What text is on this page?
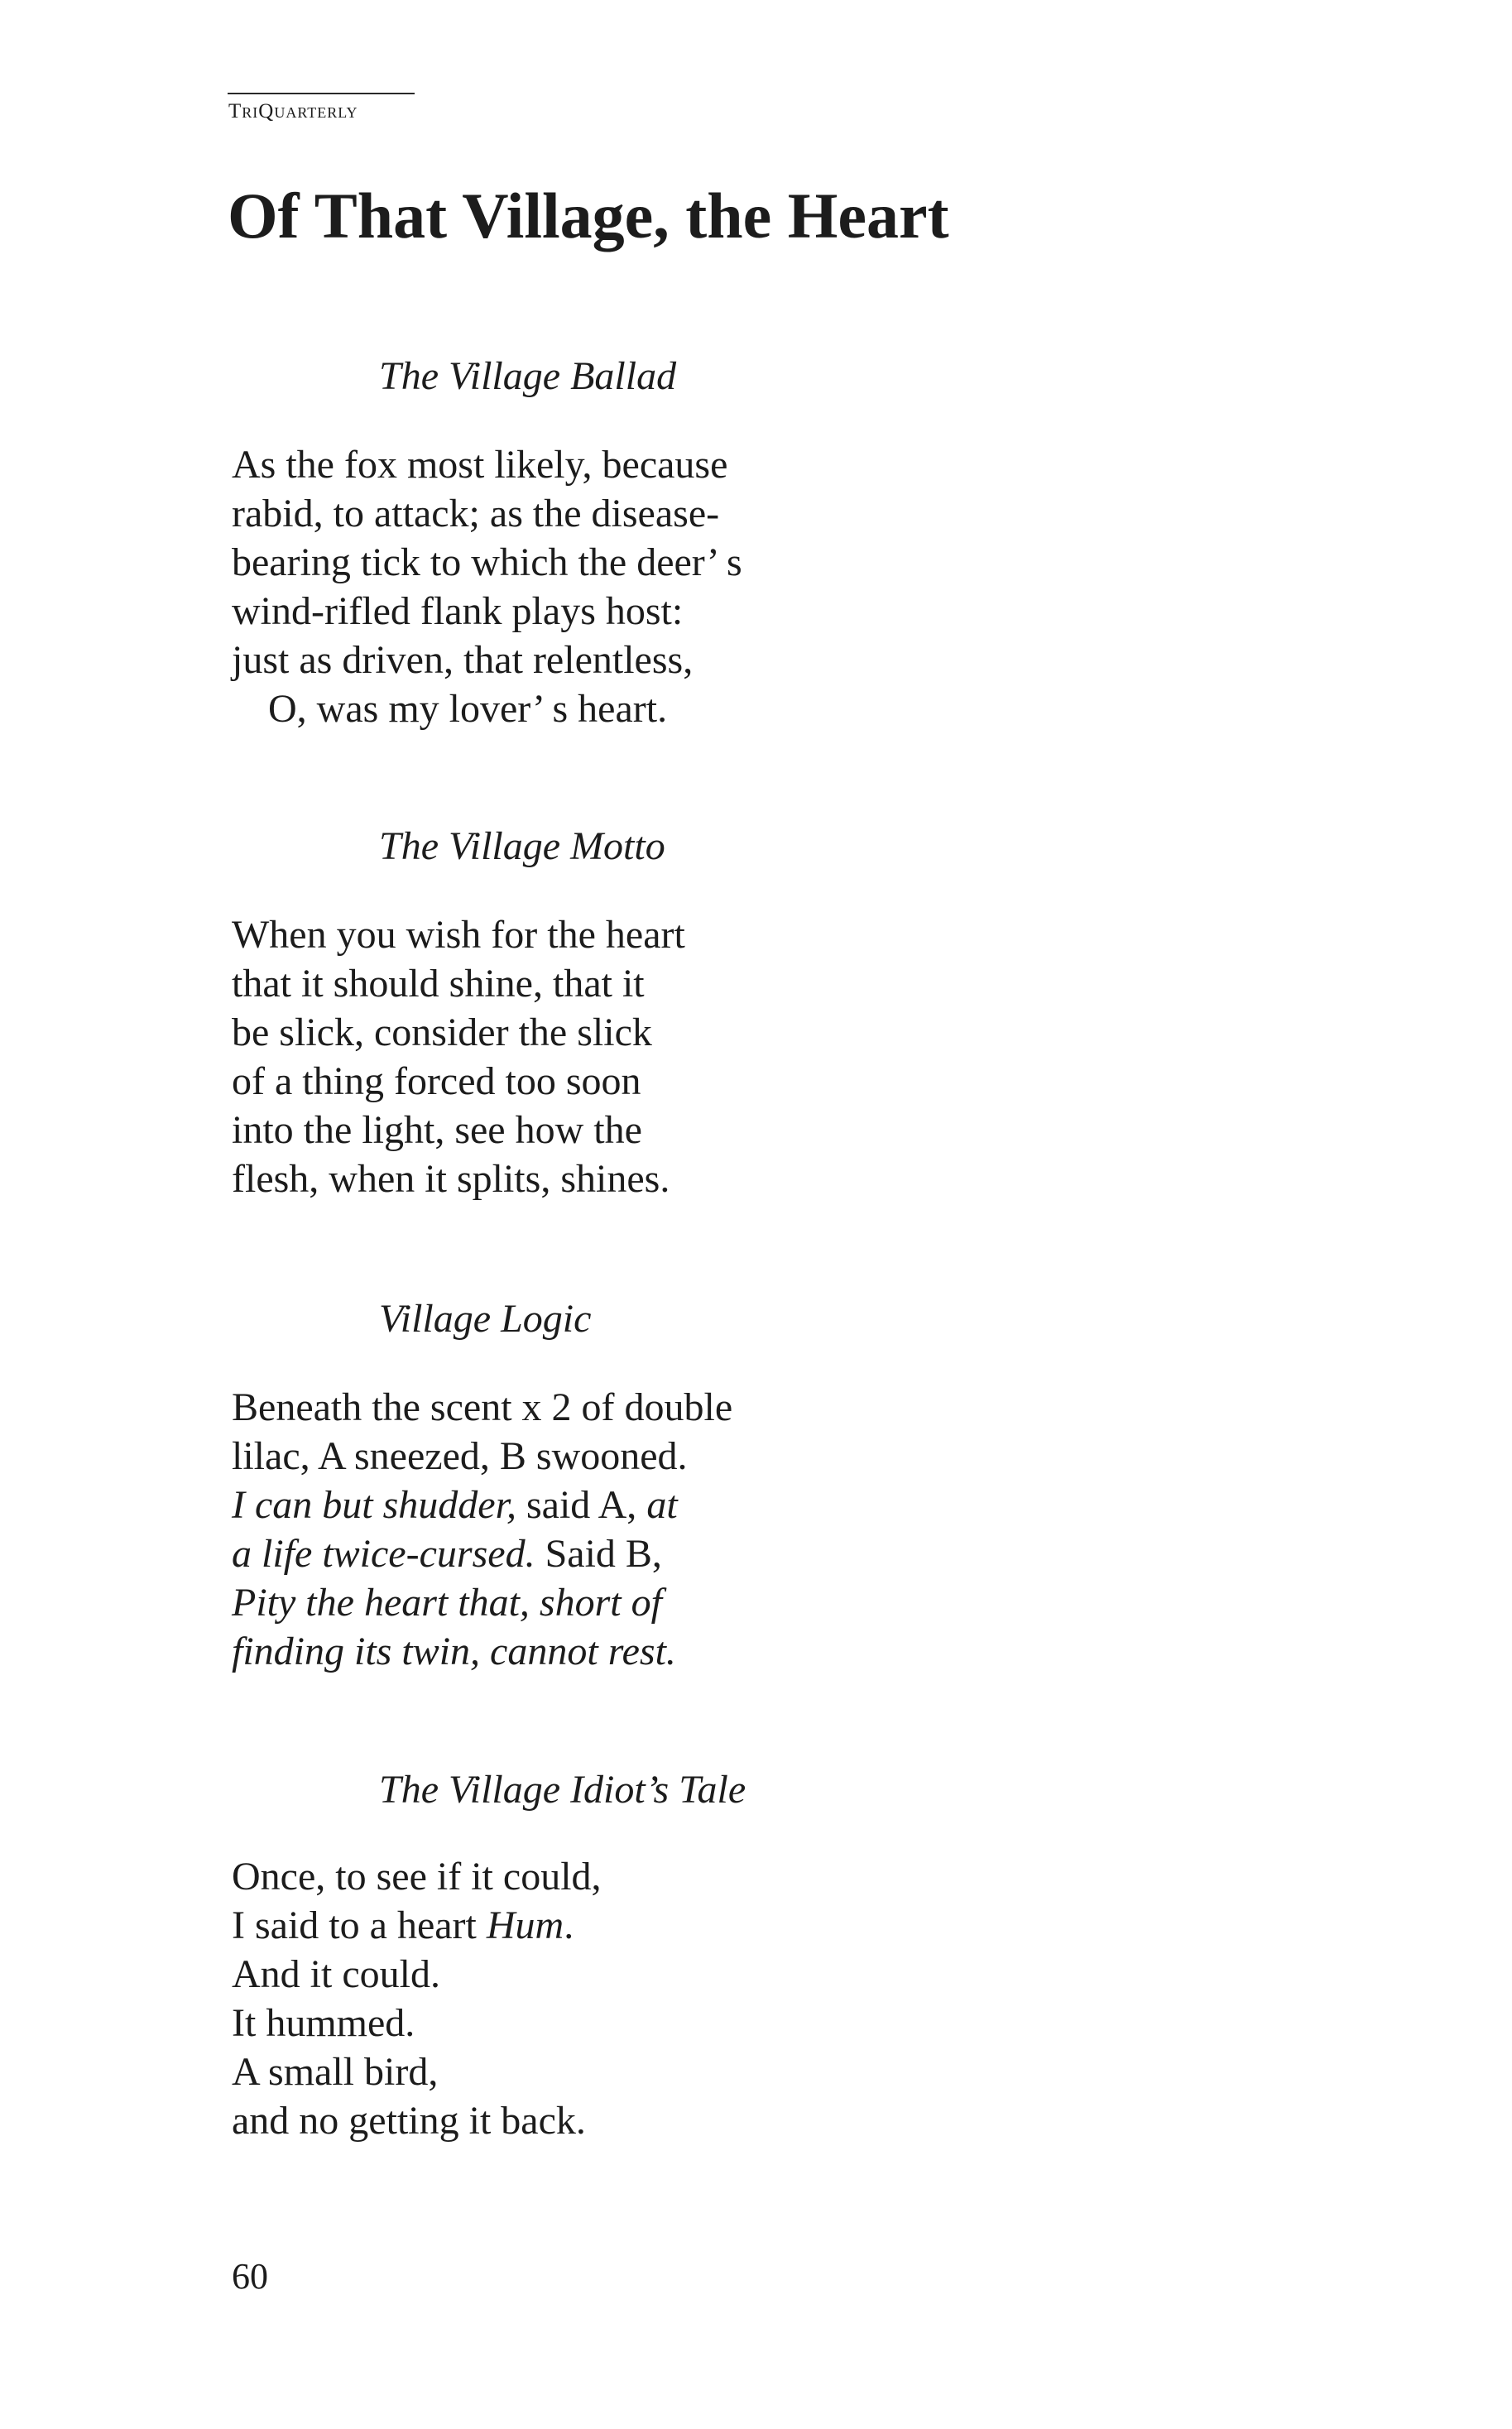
TriQuarterly
Of That Village, the Heart
The Village Ballad
As the fox most likely, because
rabid, to attack; as the disease-
bearing tick to which the deer’ s
wind-rifled flank plays host:
just as driven, that relentless,
O, was my lover’ s heart.
The Village Motto
When you wish for the heart
that it should shine, that it
be slick, consider the slick
of a thing forced too soon
into the light, see how the
flesh, when it splits, shines.
Village Logic
Beneath the scent x 2 of double
lilac, A sneezed, B swooned.
I can but shudder, said A, at
a life twice-cursed. Said B,
Pity the heart that, short of
finding its twin, cannot rest.
The Village Idiot’s Tale
Once, to see if it could,
I said to a heart Hum.
And it could.
It hummed.
A small bird,
and no getting it back.
60
